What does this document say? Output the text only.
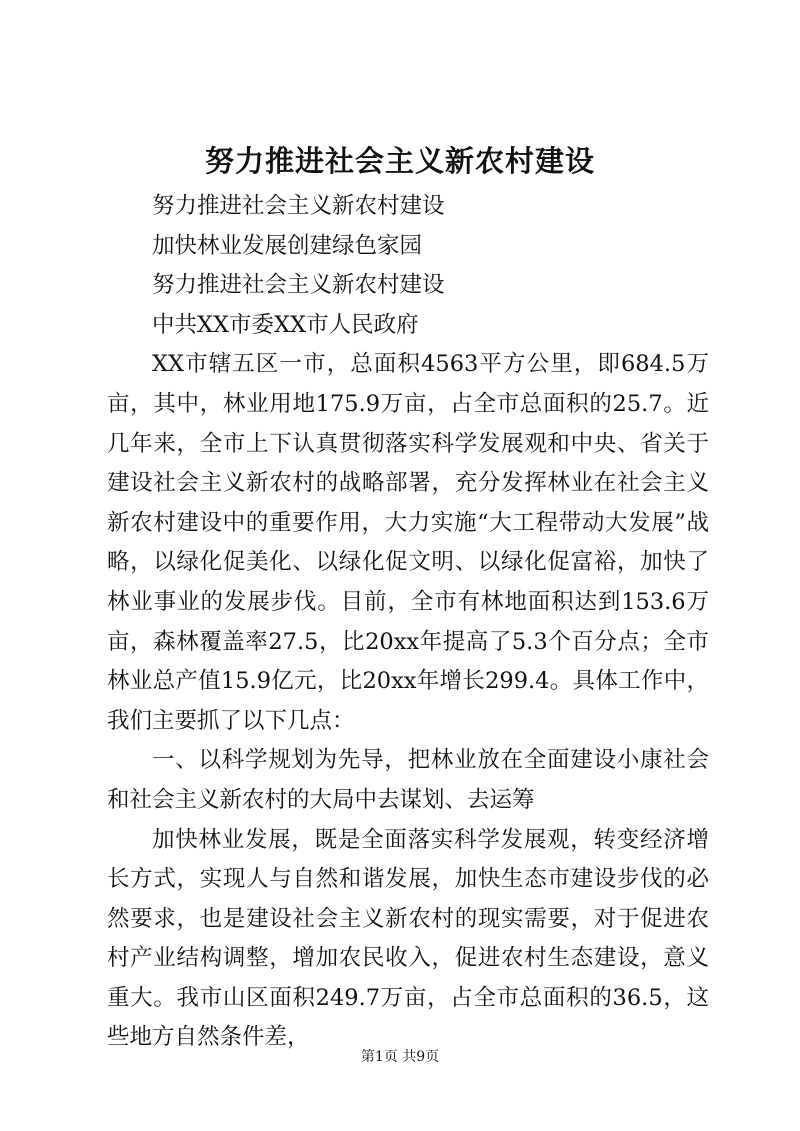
努力推进社会主义新农村建设

努力推进社会主义新农村建设

加快林业发展创建绿色家园

努力推进社会主义新农村建设

中共XX市委XX市人民政府

XX市辖五区一市，总面积4563平方公里，即684.5万亩，其中，林业用地175.9万亩，占全市总面积的25.7。近几年来，全市上下认真贯彻落实科学发展观和中央、省关于建设社会主义新农村的战略部署，充分发挥林业在社会主义新农村建设中的重要作用，大力实施“大工程带动大发展”战略，以绿化促美化、以绿化促文明、以绿化促富裕，加快了林业事业的发展步伐。目前，全市有林地面积达到153.6万亩，森林覆盖率27.5，比20xx年提高了5.3个百分点；全市林业总产值15.9亿元，比20xx年增长299.4。具体工作中，我们主要抓了以下几点：

一、以科学规划为先导，把林业放在全面建设小康社会和社会主义新农村的大局中去谋划、去运筹

加快林业发展，既是全面落实科学发展观，转变经济增长方式，实现人与自然和谐发展，加快生态市建设步伐的必然要求，也是建设社会主义新农村的现实需要，对于促进农村产业结构调整，增加农民收入，促进农村生态建设，意义重大。我市山区面积249.7万亩，占全市总面积的36.5，这些地方自然条件差，

第1页 共9页
